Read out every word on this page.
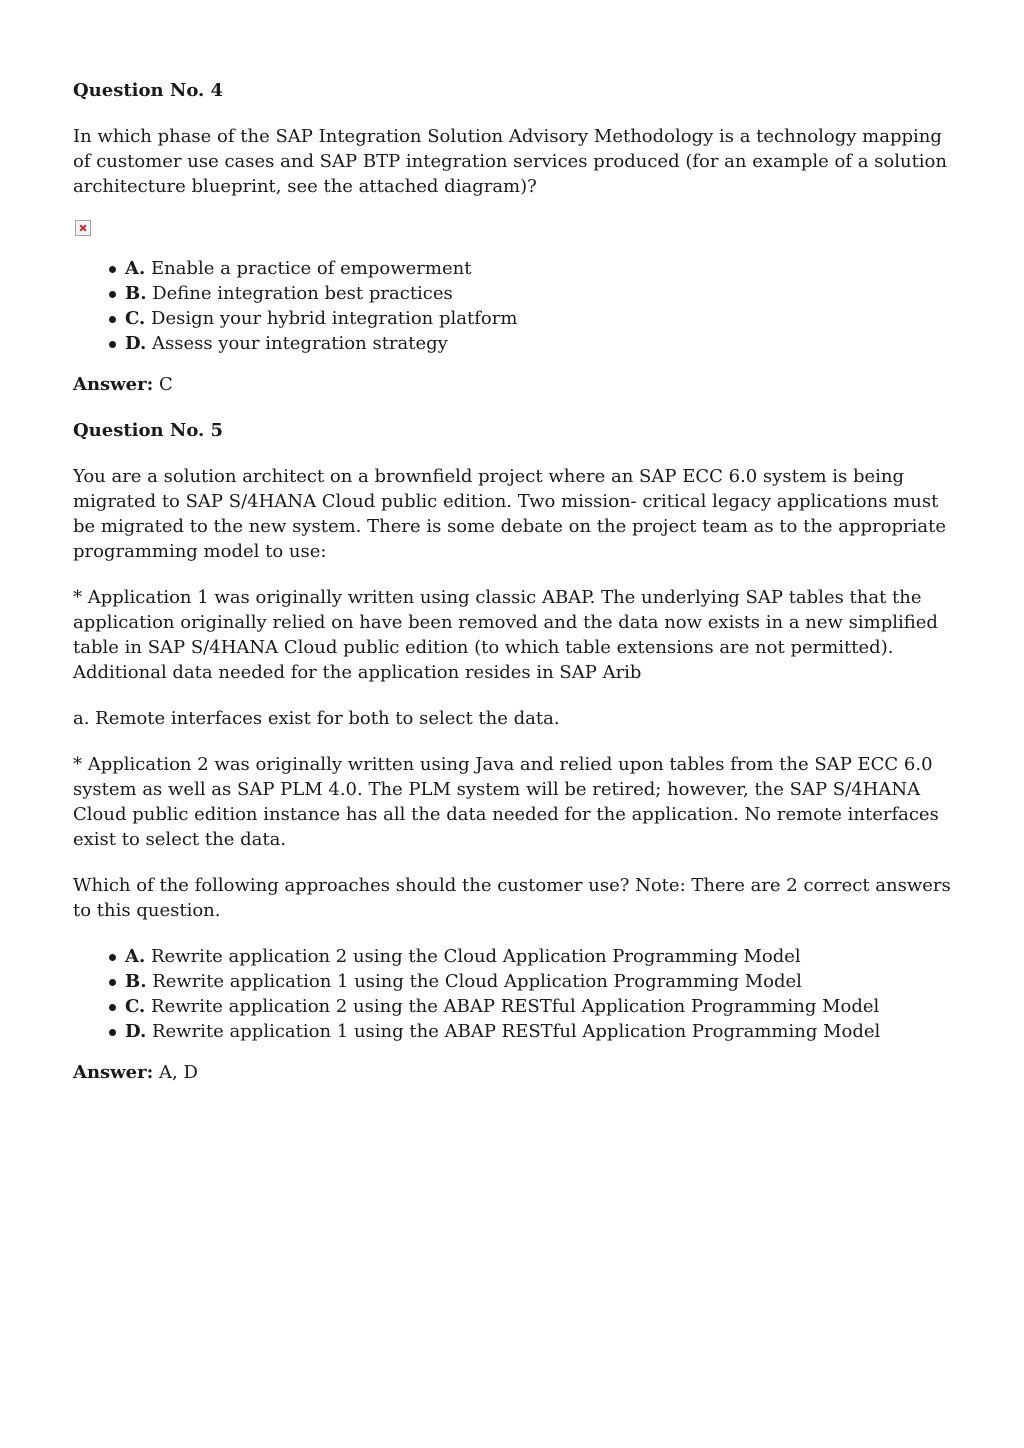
Question No. 4

In which phase of the SAP Integration Solution Advisory Methodology is a technology mapping of customer use cases and SAP BTP integration services produced (for an example of a solution architecture blueprint, see the attached diagram)?

A. Enable a practice of empowerment
B. Define integration best practices
C. Design your hybrid integration platform
D. Assess your integration strategy
Answer: C
Question No. 5

You are a solution architect on a brownfield project where an SAP ECC 6.0 system is being migrated to SAP S/4HANA Cloud public edition. Two mission- critical legacy applications must be migrated to the new system. There is some debate on the project team as to the appropriate programming model to use:

* Application 1 was originally written using classic ABAP. The underlying SAP tables that the application originally relied on have been removed and the data now exists in a new simplified table in SAP S/4HANA Cloud public edition (to which table extensions are not permitted). Additional data needed for the application resides in SAP Arib

a. Remote interfaces exist for both to select the data.

* Application 2 was originally written using Java and relied upon tables from the SAP ECC 6.0 system as well as SAP PLM 4.0. The PLM system will be retired; however, the SAP S/4HANA Cloud public edition instance has all the data needed for the application. No remote interfaces exist to select the data.

Which of the following approaches should the customer use? Note: There are 2 correct answers to this question.

A. Rewrite application 2 using the Cloud Application Programming Model
B. Rewrite application 1 using the Cloud Application Programming Model
C. Rewrite application 2 using the ABAP RESTful Application Programming Model
D. Rewrite application 1 using the ABAP RESTful Application Programming Model
Answer: A, D
